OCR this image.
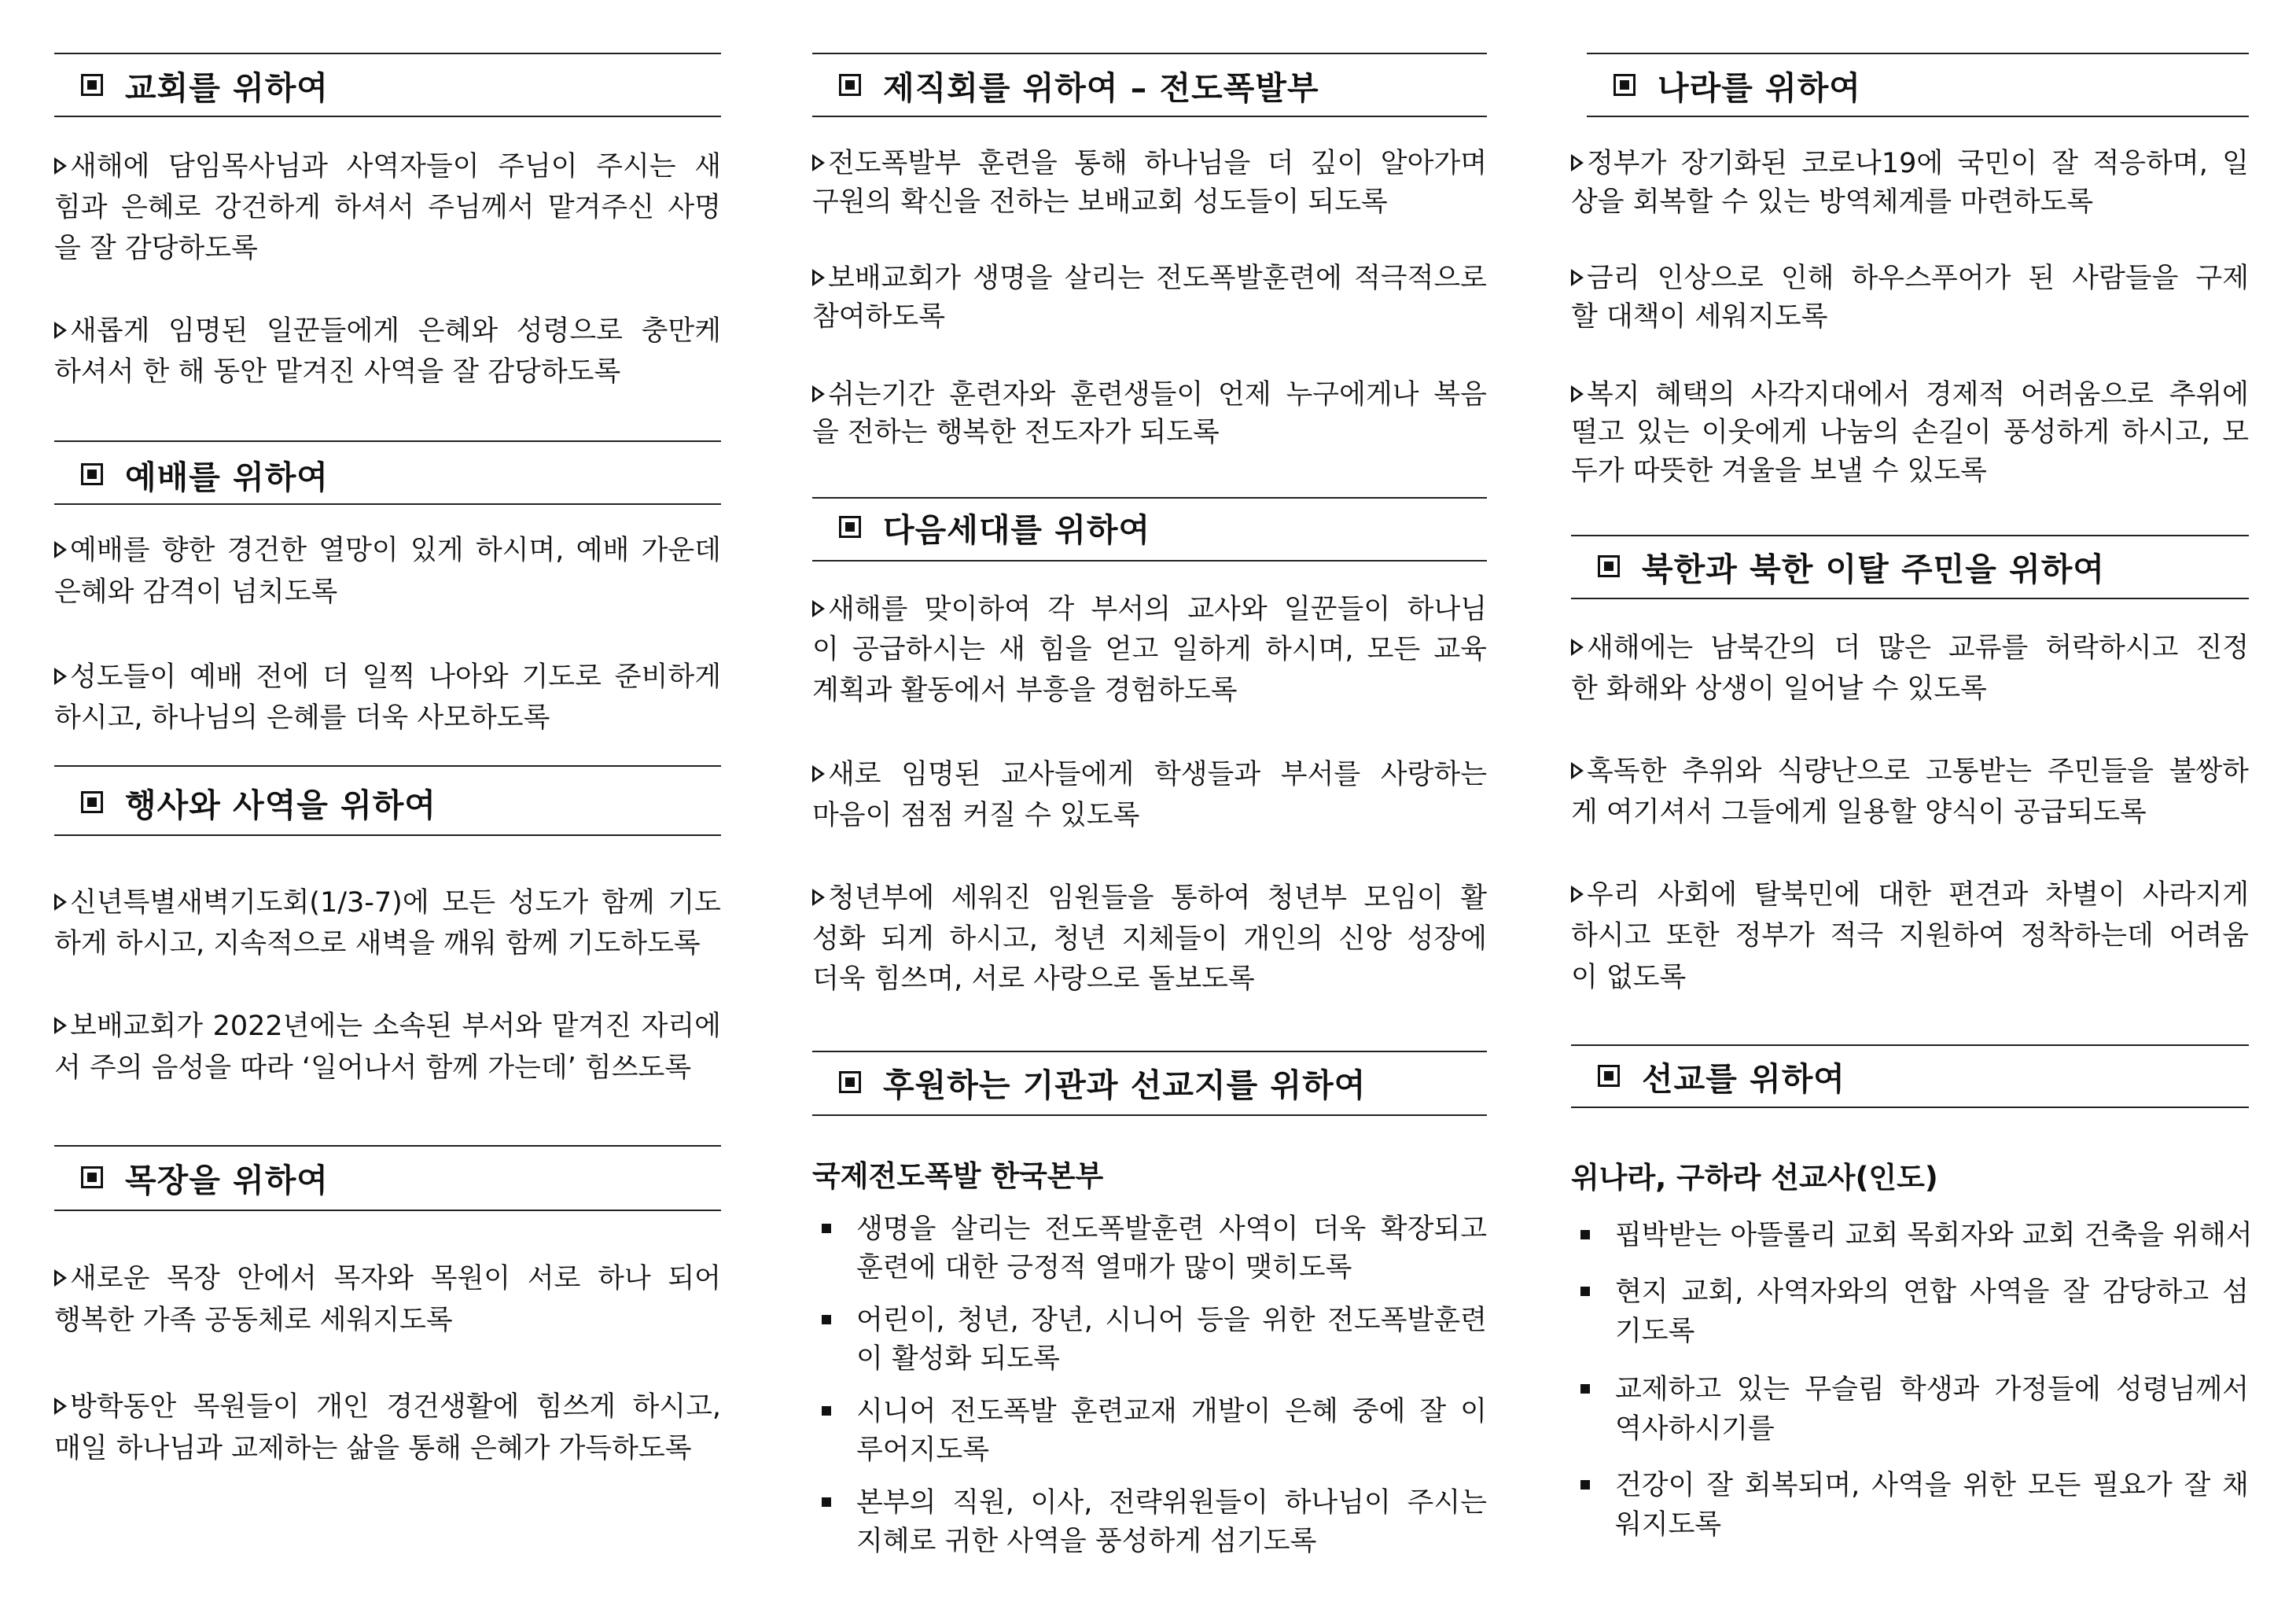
교회를 위하여
새해에 담임목사님과 사역자들이 주님이 주시는 새
힘과 은혜로 강건하게 하셔서 주님께서 맡겨주신 사명
을 잘 감당하도록
새롭게 임명된 일꾼들에게 은혜와 성령으로 충만케
하셔서 한 해 동안 맡겨진 사역을 잘 감당하도록
예배를 위하여
예배를 향한 경건한 열망이 있게 하시며, 예배 가운데
은혜와 감격이 넘치도록
성도들이 예배 전에 더 일찍 나아와 기도로 준비하게
하시고, 하나님의 은혜를 더욱 사모하도록
행사와 사역을 위하여
신년특별새벽기도회(1/3-7)에 모든 성도가 함께 기도
하게 하시고, 지속적으로 새벽을 깨워 함께 기도하도록
보배교회가 2022년에는 소속된 부서와 맡겨진 자리에
서 주의 음성을 따라 ‘일어나서 함께 가는데’ 힘쓰도록
목장을 위하여
새로운 목장 안에서 목자와 목원이 서로 하나 되어
행복한 가족 공동체로 세워지도록
방학동안 목원들이 개인 경건생활에 힘쓰게 하시고,
매일 하나님과 교제하는 삶을 통해 은혜가 가득하도록
제직회를 위하여 – 전도폭발부
전도폭발부 훈련을 통해 하나님을 더 깊이 알아가며
구원의 확신을 전하는 보배교회 성도들이 되도록
보배교회가 생명을 살리는 전도폭발훈련에 적극적으로
참여하도록
쉬는기간 훈련자와 훈련생들이 언제 누구에게나 복음
을 전하는 행복한 전도자가 되도록
다음세대를 위하여
새해를 맞이하여 각 부서의 교사와 일꾼들이 하나님
이 공급하시는 새 힘을 얻고 일하게 하시며, 모든 교육
계획과 활동에서 부흥을 경험하도록
새로 임명된 교사들에게 학생들과 부서를 사랑하는
마음이 점점 커질 수 있도록
청년부에 세워진 임원들을 통하여 청년부 모임이 활
성화 되게 하시고, 청년 지체들이 개인의 신앙 성장에
더욱 힘쓰며, 서로 사랑으로 돌보도록
후원하는 기관과 선교지를 위하여
국제전도폭발 한국본부
생명을 살리는 전도폭발훈련 사역이 더욱 확장되고
훈련에 대한 긍정적 열매가 많이 맺히도록
어린이, 청년, 장년, 시니어 등을 위한 전도폭발훈련
이 활성화 되도록
시니어 전도폭발 훈련교재 개발이 은혜 중에 잘 이
루어지도록
본부의 직원, 이사, 전략위원들이 하나님이 주시는
지혜로 귀한 사역을 풍성하게 섬기도록
나라를 위하여
정부가 장기화된 코로나19에 국민이 잘 적응하며, 일
상을 회복할 수 있는 방역체계를 마련하도록
금리 인상으로 인해 하우스푸어가 된 사람들을 구제
할 대책이 세워지도록
복지 혜택의 사각지대에서 경제적 어려움으로 추위에
떨고 있는 이웃에게 나눔의 손길이 풍성하게 하시고, 모
두가 따뜻한 겨울을 보낼 수 있도록
북한과 북한 이탈 주민을 위하여
새해에는 남북간의 더 많은 교류를 허락하시고 진정
한 화해와 상생이 일어날 수 있도록
혹독한 추위와 식량난으로 고통받는 주민들을 불쌍하
게 여기셔서 그들에게 일용할 양식이 공급되도록
우리 사회에 탈북민에 대한 편견과 차별이 사라지게
하시고 또한 정부가 적극 지원하여 정착하는데 어려움
이 없도록
선교를 위하여
위나라, 구하라 선교사(인도)
핍박받는 아뜰롤리 교회 목회자와 교회 건축을 위해서
현지 교회, 사역자와의 연합 사역을 잘 감당하고 섬
기도록
교제하고 있는 무슬림 학생과 가정들에 성령님께서
역사하시기를
건강이 잘 회복되며, 사역을 위한 모든 필요가 잘 채
워지도록
